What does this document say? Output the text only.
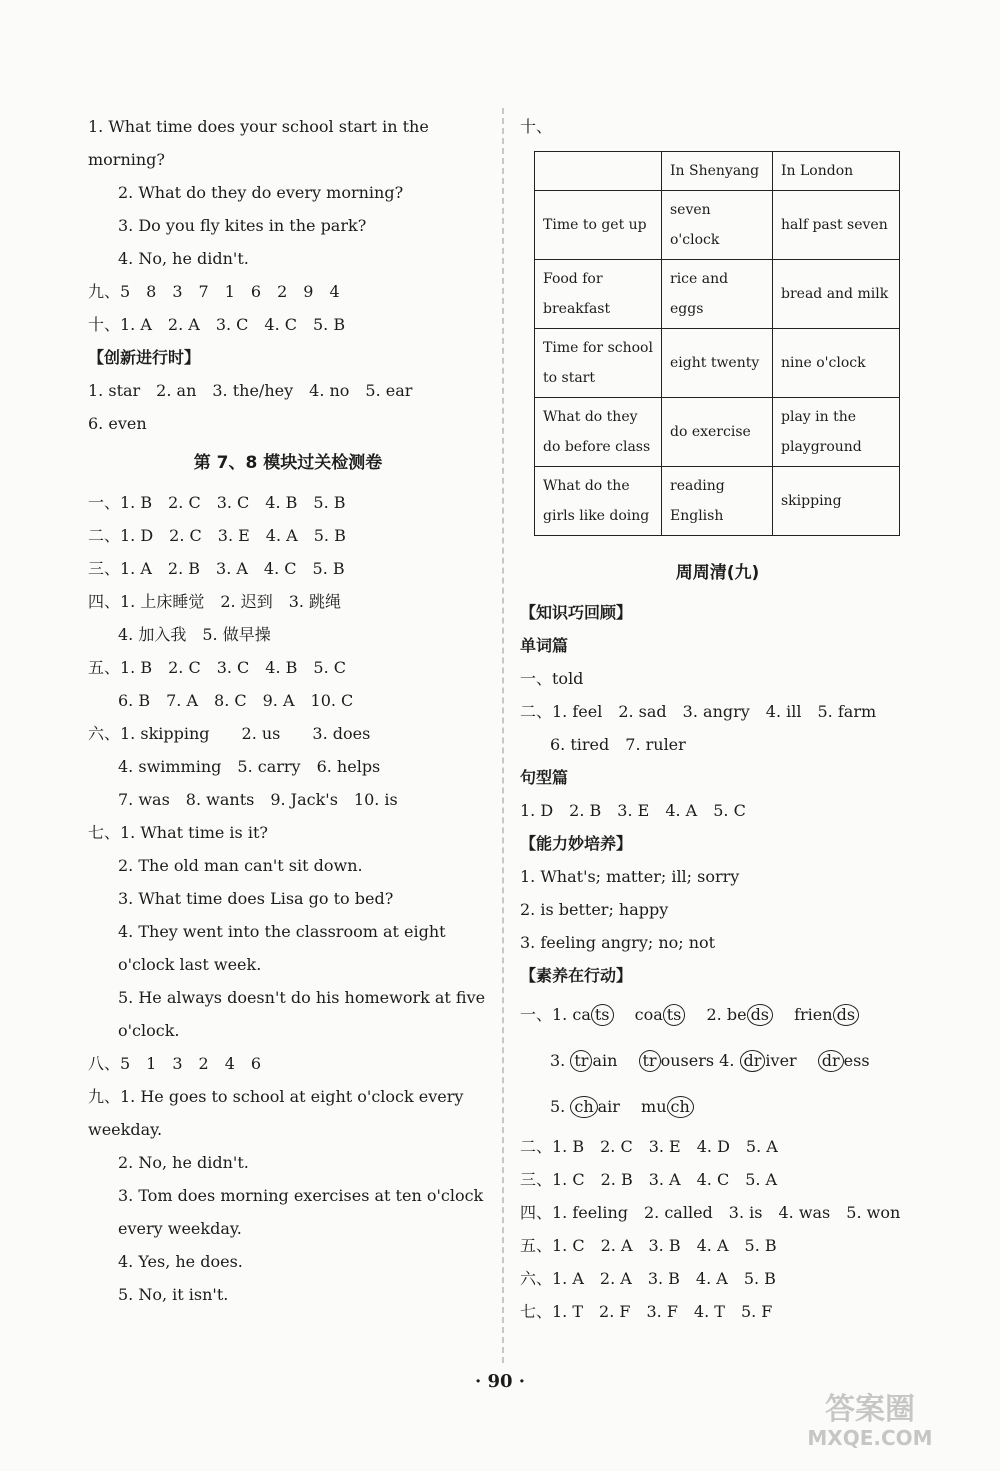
1. What time does your school start in the morning?
2. What do they do every morning?
3. Do you fly kites in the park?
4. No, he didn't.
九、5　8　3　7　1　6　2　9　4
十、1. A　2. A　3. C　4. C　5. B
【创新进行时】
1. star　2. an　3. the/hey　4. no　5. ear
6. even
第 7、8 模块过关检测卷
一、1. B　2. C　3. C　4. B　5. B
二、1. D　2. C　3. E　4. A　5. B
三、1. A　2. B　3. A　4. C　5. B
四、1. 上床睡觉　2. 迟到　3. 跳绳
4. 加入我　5. 做早操
五、1. B　2. C　3. C　4. B　5. C
6. B　7. A　8. C　9. A　10. C
六、1. skipping　　2. us　　3. does
4. swimming　5. carry　6. helps
7. was　8. wants　9. Jack's　10. is
七、1. What time is it?
2. The old man can't sit down.
3. What time does Lisa go to bed?
4. They went into the classroom at eight o'clock last week.
5. He always doesn't do his homework at five o'clock.
八、5　1　3　2　4　6
九、1. He goes to school at eight o'clock every weekday.
2. No, he didn't.
3. Tom does morning exercises at ten o'clock every weekday.
4. Yes, he does.
5. No, it isn't.
十、
	In Shenyang	In London
Time to get up	seven o'clock	half past seven
Food for breakfast	rice and eggs	bread and milk
Time for school to start	eight twenty	nine o'clock
What do they do before class	do exercise	play in the playground
What do the girls like doing	reading English	skipping
周周清(九)
【知识巧回顾】
单词篇
一、told
二、1. feel　2. sad　3. angry　4. ill　5. farm
6. tired　7. ruler
句型篇
1. D　2. B　3. E　4. A　5. C
【能力妙培养】
1. What's; matter; ill; sorry
2. is better; happy
3. feeling angry; no; not
【素养在行动】
一、1. ca ts　 coa ts　 2. be ds　 frien ds
3. tr ain　 tr ousers 4. dr iver　 dr ess
5. ch air　 mu ch
二、1. B　2. C　3. E　4. D　5. A
三、1. C　2. B　3. A　4. C　5. A
四、1. feeling　2. called　3. is　4. was　5. won
五、1. C　2. A　3. B　4. A　5. B
六、1. A　2. A　3. B　4. A　5. B
七、1. T　2. F　3. F　4. T　5. F
· 90 ·
答案圈
MXQE.COM
